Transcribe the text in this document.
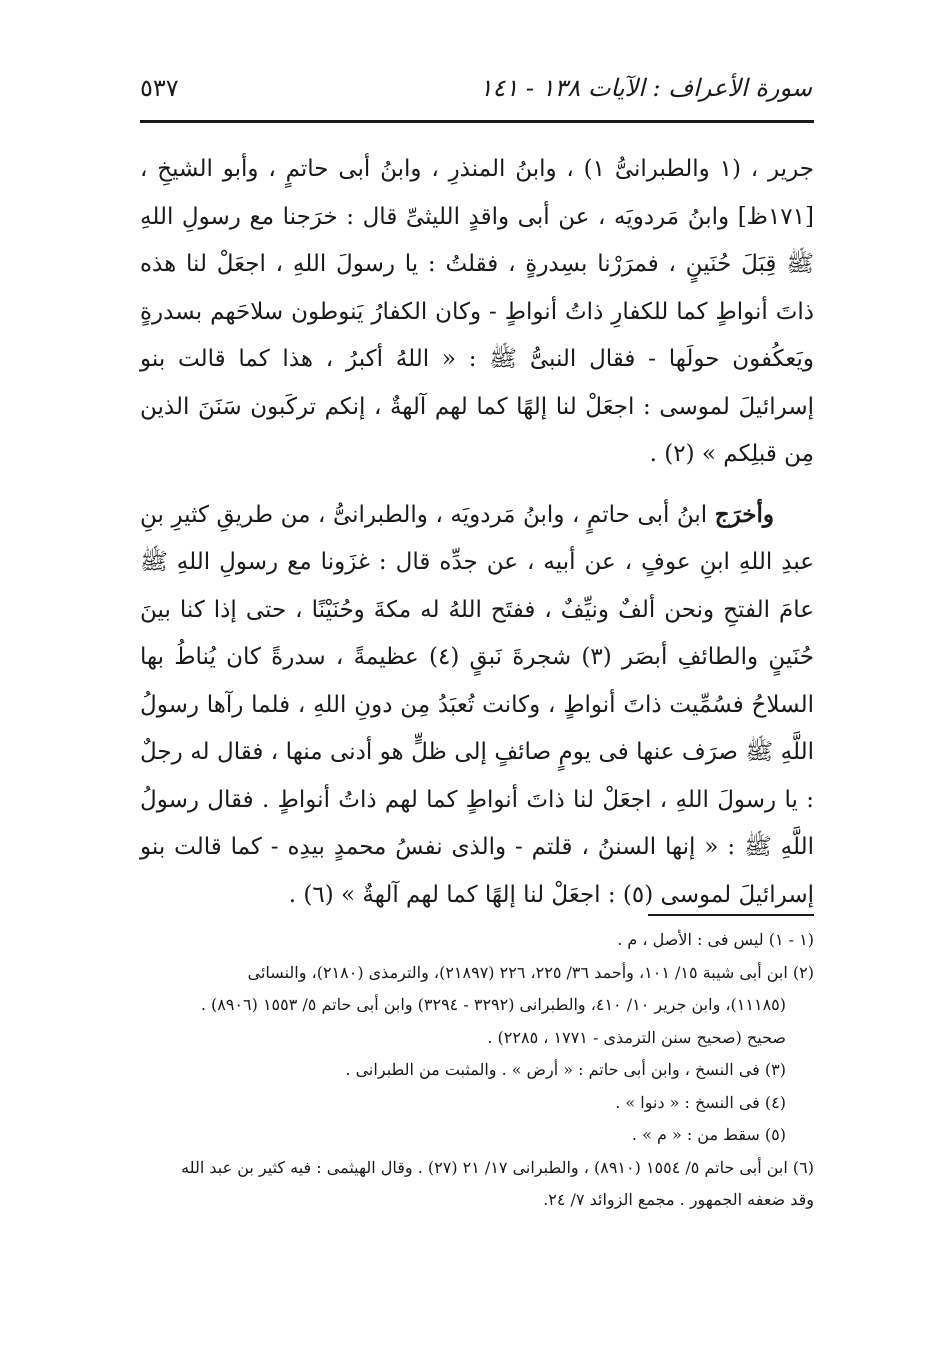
سورة الأعراف : الآيات ١٣٨ - ١٤١
٥٣٧

جرير ، (١ والطبرانىُّ ١) ، وابنُ المنذرِ ، وابنُ أبى حاتمٍ ، وأبو الشيخِ ، [١٧١ظ] وابنُ مَردويَه ، عن أبى واقدٍ الليثىِّ قال : خرَجنا مع رسولِ اللهِ ﷺ قِبَلَ حُنَينٍ ، فمرَرْنا بسِدرةٍ ، فقلتُ : يا رسولَ اللهِ ، اجعَلْ لنا هذه ذاتَ أنواطٍ كما للكفارِ ذاتُ أنواطٍ - وكان الكفارُ يَنوطون سلاحَهم بسدرةٍ ويَعكُفون حولَها - فقال النبىُّ ﷺ : « اللهُ أكبرُ ، هذا كما قالت بنو إسرائيلَ لموسى : اجعَلْ لنا إلهًا كما لهم آلهةٌ ، إنكم تركَبون سَنَنَ الذين مِن قبلِكم » (٢) .

وأخرَج ابنُ أبى حاتمٍ ، وابنُ مَردويَه ، والطبرانىُّ ، من طريقِ كثيرِ بنِ عبدِ اللهِ ابنِ عوفٍ ، عن أبيه ، عن جدِّه قال : غزَونا مع رسولِ اللهِ ﷺ عامَ الفتحِ ونحن ألفٌ ونيِّفٌ ، ففتَح اللهُ له مكةَ وحُنَيْنًا ، حتى إذا كنا بينَ حُنَينٍ والطائفِ أبصَر (٣) شجرةَ نَبقٍ (٤) عظيمةً ، سدرةً كان يُناطُ بها السلاحُ فسُمِّيت ذاتَ أنواطٍ ، وكانت تُعبَدُ مِن دونِ اللهِ ، فلما رآها رسولُ اللَّهِ ﷺ صرَف عنها فى يومٍ صائفٍ إلى ظلٍّ هو أدنى منها ، فقال له رجلٌ : يا رسولَ اللهِ ، اجعَلْ لنا ذاتَ أنواطٍ كما لهم ذاتُ أنواطٍ . فقال رسولُ اللَّهِ ﷺ : « إنها السننُ ، قلتم - والذى نفسُ محمدٍ بيدِه - كما قالت بنو إسرائيلَ لموسى (٥) : اجعَلْ لنا إلهًا كما لهم آلهةٌ » (٦) .

(١ - ١) ليس فى : الأصل ، م .

(٢) ابن أبى شيبة ١٥/ ١٠١، وأحمد ٣٦/ ٢٢٥، ٢٢٦ (٢١٨٩٧)، والترمذى (٢١٨٠)، والنسائى

(١١١٨٥)، وابن جرير ١٠/ ٤١٠، والطبرانى (٣٢٩٢ - ٣٢٩٤) وابن أبى حاتم ٥/ ١٥٥٣ (٨٩٠٦) .

صحيح (صحيح سنن الترمذى - ١٧٧١ ، ٢٢٨٥) .

(٣) فى النسخ ، وابن أبى حاتم : « أرض » . والمثبت من الطبرانى .

(٤) فى النسخ : « دنوا » .

(٥) سقط من : « م » .

(٦) ابن أبى حاتم ٥/ ١٥٥٤ (٨٩١٠) ، والطبرانى ١٧/ ٢١ (٢٧) . وقال الهيثمى : فيه كثير بن عبد الله

وقد ضعفه الجمهور . مجمع الزوائد ٧/ ٢٤.
